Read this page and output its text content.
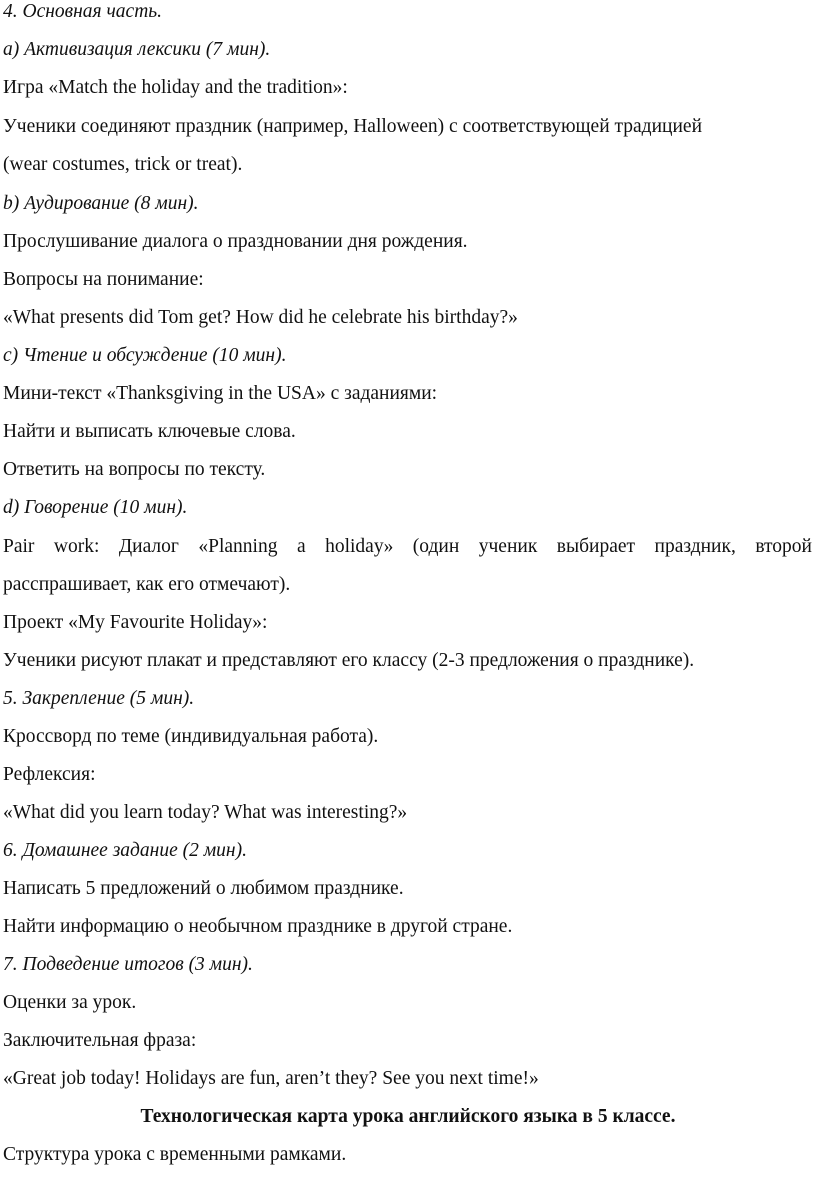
4. Основная часть.
а) Активизация лексики (7 мин).
Игра «Match the holiday and the tradition»:
Ученики соединяют праздник (например, Halloween) с соответствующей традицией
(wear costumes, trick or treat).
b) Аудирование (8 мин).
Прослушивание диалога о праздновании дня рождения.
Вопросы на понимание:
«What presents did Tom get? How did he celebrate his birthday?»
c) Чтение и обсуждение (10 мин).
Мини-текст «Thanksgiving in the USA» с заданиями:
Найти и выписать ключевые слова.
Ответить на вопросы по тексту.
d) Говорение (10 мин).
Pair work: Диалог «Planning a holiday» (один ученик выбирает праздник, второй
расспрашивает, как его отмечают).
Проект «My Favourite Holiday»:
Ученики рисуют плакат и представляют его классу (2-3 предложения о празднике).
5. Закрепление (5 мин).
Кроссворд по теме (индивидуальная работа).
Рефлексия:
«What did you learn today? What was interesting?»
6. Домашнее задание (2 мин).
Написать 5 предложений о любимом празднике.
Найти информацию о необычном празднике в другой стране.
7. Подведение итогов (3 мин).
Оценки за урок.
Заключительная фраза:
«Great job today! Holidays are fun, aren’t they? See you next time!»
Технологическая карта урока английского языка в 5 классе.
Структура урока с временными рамками.
